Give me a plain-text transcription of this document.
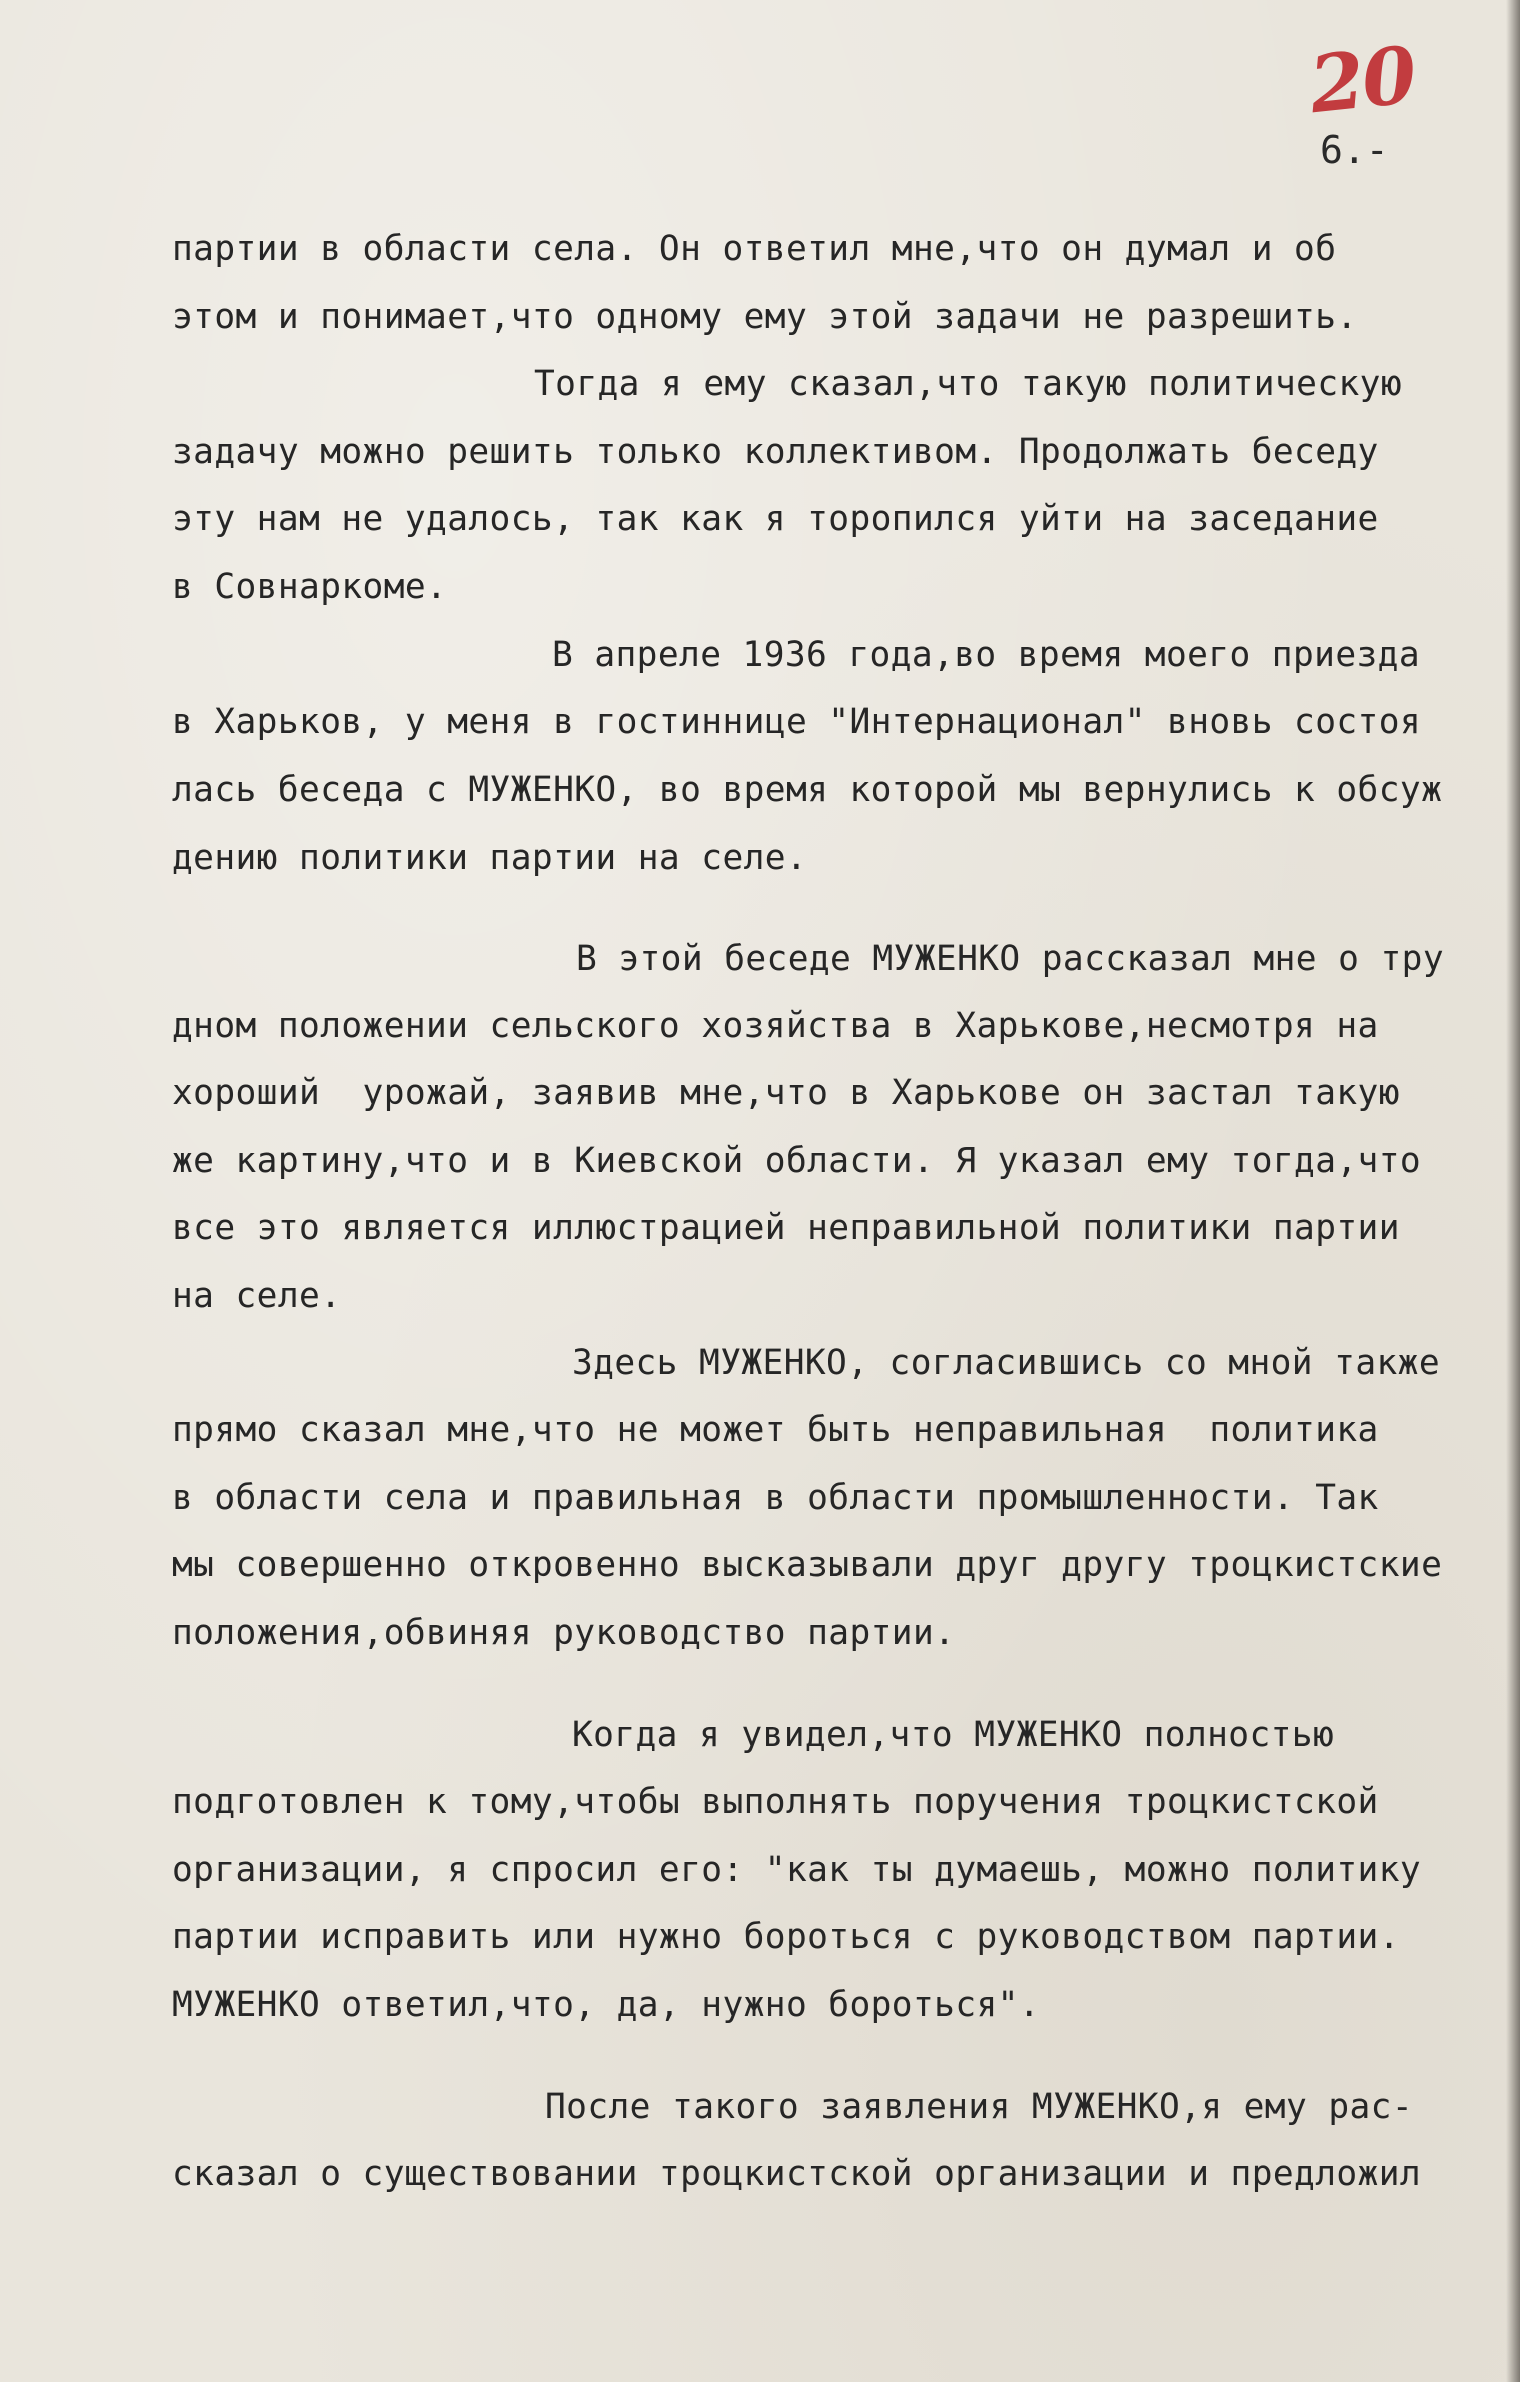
20
6.-

партии в области села. Он ответил мне,что он думал и об

этом и понимает,что одному ему этой задачи не разрешить.

Тогда я ему сказал,что такую политическую

задачу можно решить только коллективом. Продолжать беседу

эту нам не удалось, так как я торопился уйти на заседание

в Совнаркоме.

В апреле 1936 года,во время моего приезда

в Харьков, у меня в гостиннице "Интернационал" вновь состоя

лась беседа с МУЖЕНКО, во время которой мы вернулись к обсуж

дению политики партии на селе.

В этой беседе МУЖЕНКО рассказал мне о тру

дном положении сельского хозяйства в Харькове,несмотря на

хороший  урожай, заявив мне,что в Харькове он застал такую

же картину,что и в Киевской области. Я указал ему тогда,что

все это является иллюстрацией неправильной политики партии

на селе.

Здесь МУЖЕНКО, согласившись со мной также

прямо сказал мне,что не может быть неправильная  политика

в области села и правильная в области промышленности. Так

мы совершенно откровенно высказывали друг другу троцкистские

положения,обвиняя руководство партии.

Когда я увидел,что МУЖЕНКО полностью

подготовлен к тому,чтобы выполнять поручения троцкистской

организации, я спросил его: "как ты думаешь, можно политику

партии исправить или нужно бороться с руководством партии.

МУЖЕНКО ответил,что, да, нужно бороться".

После такого заявления МУЖЕНКО,я ему рас-

сказал о существовании троцкистской организации и предложил
